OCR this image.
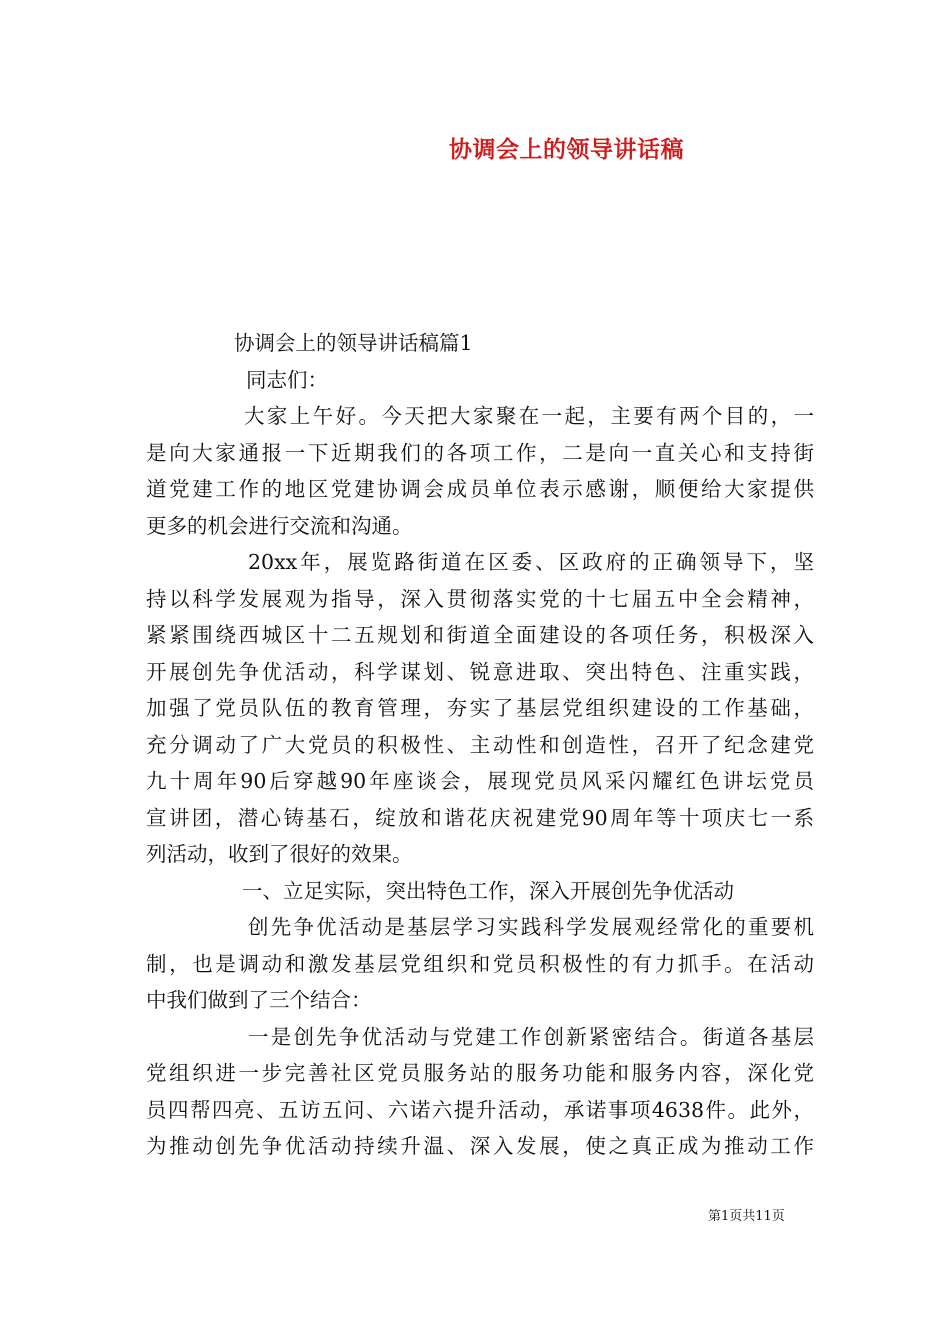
协调会上的领导讲话稿
协调会上的领导讲话稿篇1
同志们：
大家上午好。今天把大家聚在一起，主要有两个目的，一
是向大家通报一下近期我们的各项工作，二是向一直关心和支持街
道党建工作的地区党建协调会成员单位表示感谢，顺便给大家提供
更多的机会进行交流和沟通。
20xx年，展览路街道在区委、区政府的正确领导下，坚
持以科学发展观为指导，深入贯彻落实党的十七届五中全会精神，
紧紧围绕西城区十二五规划和街道全面建设的各项任务，积极深入
开展创先争优活动，科学谋划、锐意进取、突出特色、注重实践，
加强了党员队伍的教育管理，夯实了基层党组织建设的工作基础，
充分调动了广大党员的积极性、主动性和创造性，召开了纪念建党
九十周年90后穿越90年座谈会，展现党员风采闪耀红色讲坛党员
宣讲团，潜心铸基石，绽放和谐花庆祝建党90周年等十项庆七一系
列活动，收到了很好的效果。
一、立足实际，突出特色工作，深入开展创先争优活动
创先争优活动是基层学习实践科学发展观经常化的重要机
制，也是调动和激发基层党组织和党员积极性的有力抓手。在活动
中我们做到了三个结合：
一是创先争优活动与党建工作创新紧密结合。街道各基层
党组织进一步完善社区党员服务站的服务功能和服务内容，深化党
员四帮四亮、五访五问、六诺六提升活动，承诺事项4638件。此外，
为推动创先争优活动持续升温、深入发展，使之真正成为推动工作
第1页共11页
